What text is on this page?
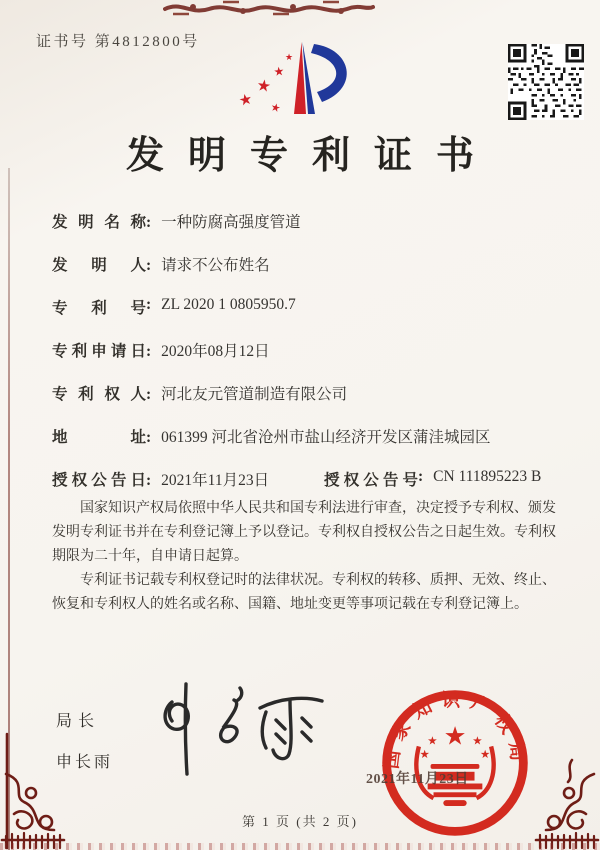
证书号 第4812800号
★
★
★
★
★
发明专利证书
发明名称: 一种防腐高强度管道
发明人: 请求不公布姓名
专利号: ZL 2020 1 0805950.7
专利申请日: 2020年08月12日
专利权人: 河北友元管道制造有限公司
地址: 061399 河北省沧州市盐山经济开发区蒲洼城园区
授权公告日: 2021年11月23日	授权公告号: CN 111895223 B

国家知识产权局依照中华人民共和国专利法进行审查，决定授予专利权、颁发发明专利证书并在专利登记簿上予以登记。专利权自授权公告之日起生效。专利权期限为二十年，自申请日起算。

专利证书记载专利权登记时的法律状况。专利权的转移、质押、无效、终止、恢复和专利权人的姓名或名称、国籍、地址变更等事项记载在专利登记簿上。

局长
申长雨	国家知识产权局
★
★	★
★	★
2021年11月23日
第 1 页 (共 2 页)
